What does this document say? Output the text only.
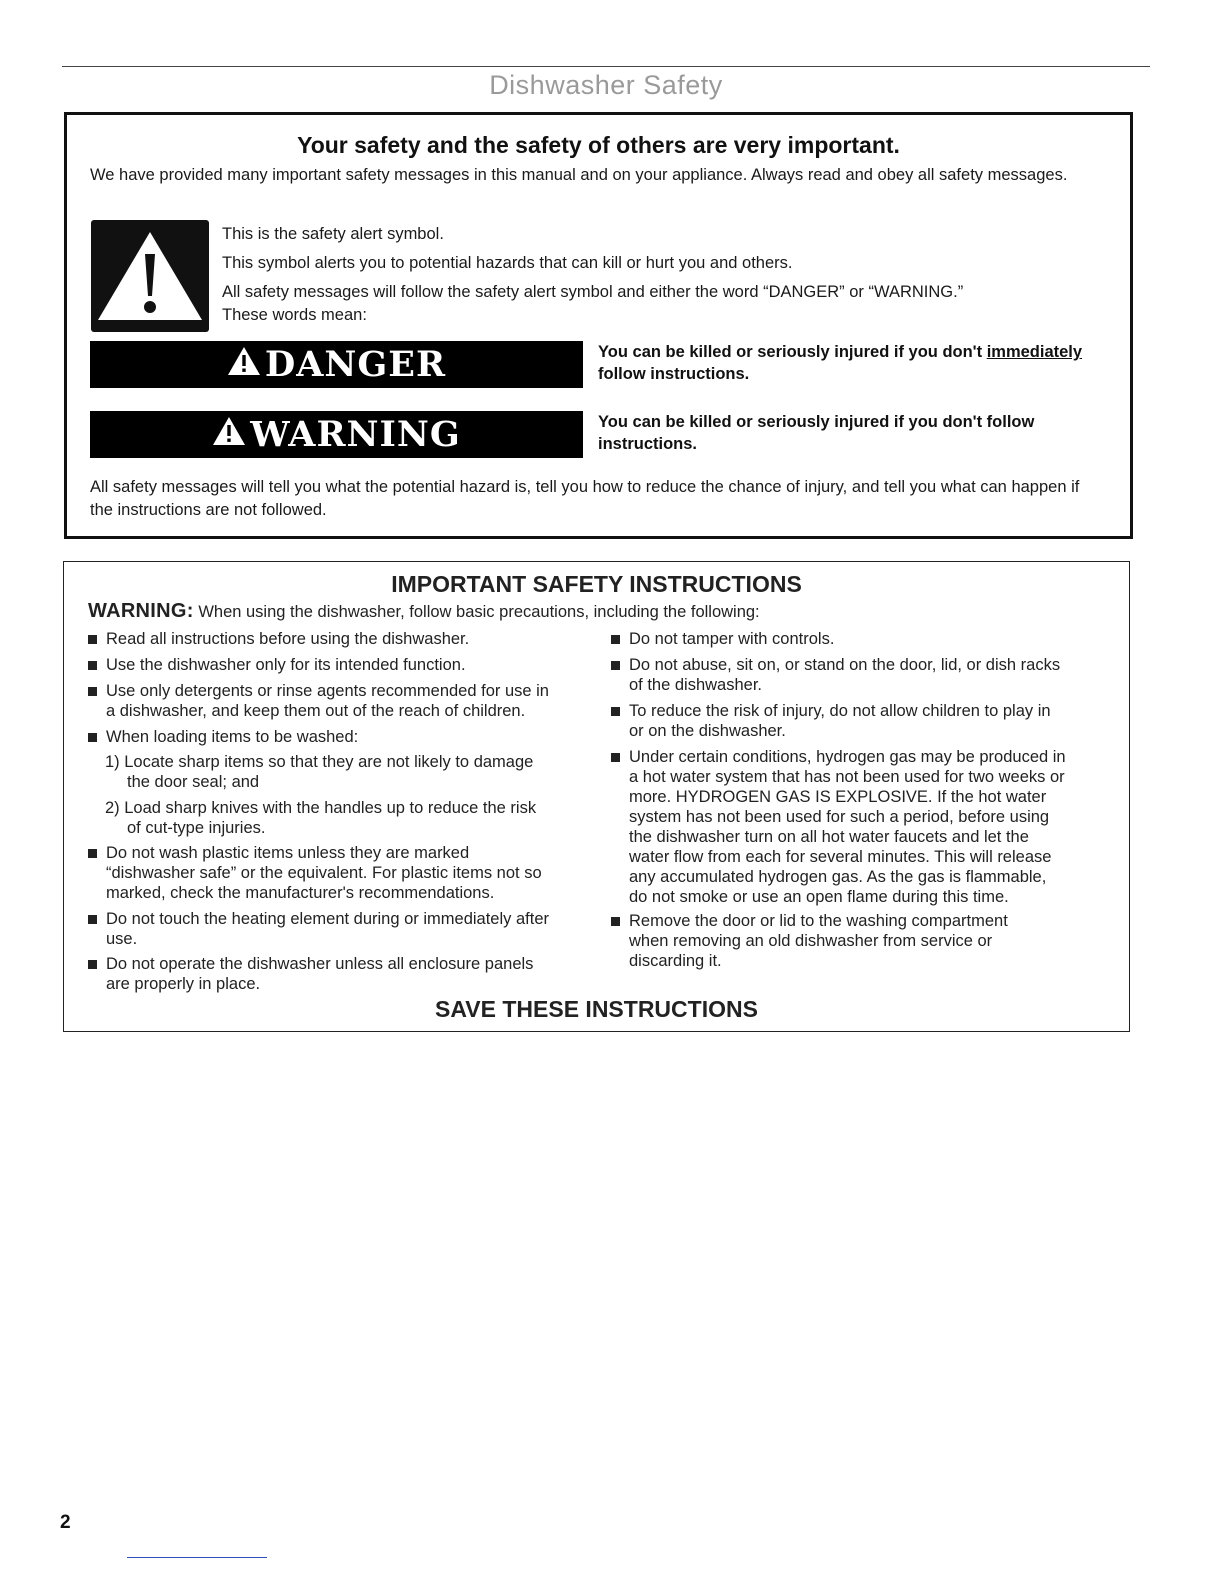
Dishwasher Safety
Your safety and the safety of others are very important.
We have provided many important safety messages in this manual and on your appliance. Always read and obey all safety messages.
This is the safety alert symbol.
This symbol alerts you to potential hazards that can kill or hurt you and others.
All safety messages will follow the safety alert symbol and either the word “DANGER” or “WARNING.”
These words mean:
DANGER	You can be killed or seriously injured if you don't immediately follow instructions.
WARNING	You can be killed or seriously injured if you don't follow instructions.
All safety messages will tell you what the potential hazard is, tell you how to reduce the chance of injury, and tell you what can happen if the instructions are not followed.
IMPORTANT SAFETY INSTRUCTIONS
WARNING: When using the dishwasher, follow basic precautions, including the following:
Read all instructions before using the dishwasher.
Use the dishwasher only for its intended function.
Use only detergents or rinse agents recommended for use in
a dishwasher, and keep them out of the reach of children.
When loading items to be washed:
1) Locate sharp items so that they are not likely to damage
the door seal; and
2) Load sharp knives with the handles up to reduce the risk
of cut-type injuries.
Do not wash plastic items unless they are marked
“dishwasher safe” or the equivalent. For plastic items not so
marked, check the manufacturer's recommendations.
Do not touch the heating element during or immediately after
use.
Do not operate the dishwasher unless all enclosure panels
are properly in place.
Do not tamper with controls.
Do not abuse, sit on, or stand on the door, lid, or dish racks
of the dishwasher.
To reduce the risk of injury, do not allow children to play in
or on the dishwasher.
Under certain conditions, hydrogen gas may be produced in
a hot water system that has not been used for two weeks or
more. HYDROGEN GAS IS EXPLOSIVE. If the hot water
system has not been used for such a period, before using
the dishwasher turn on all hot water faucets and let the
water flow from each for several minutes. This will release
any accumulated hydrogen gas. As the gas is flammable,
do not smoke or use an open flame during this time.
Remove the door or lid to the washing compartment
when removing an old dishwasher from service or
discarding it.
SAVE THESE INSTRUCTIONS
2
